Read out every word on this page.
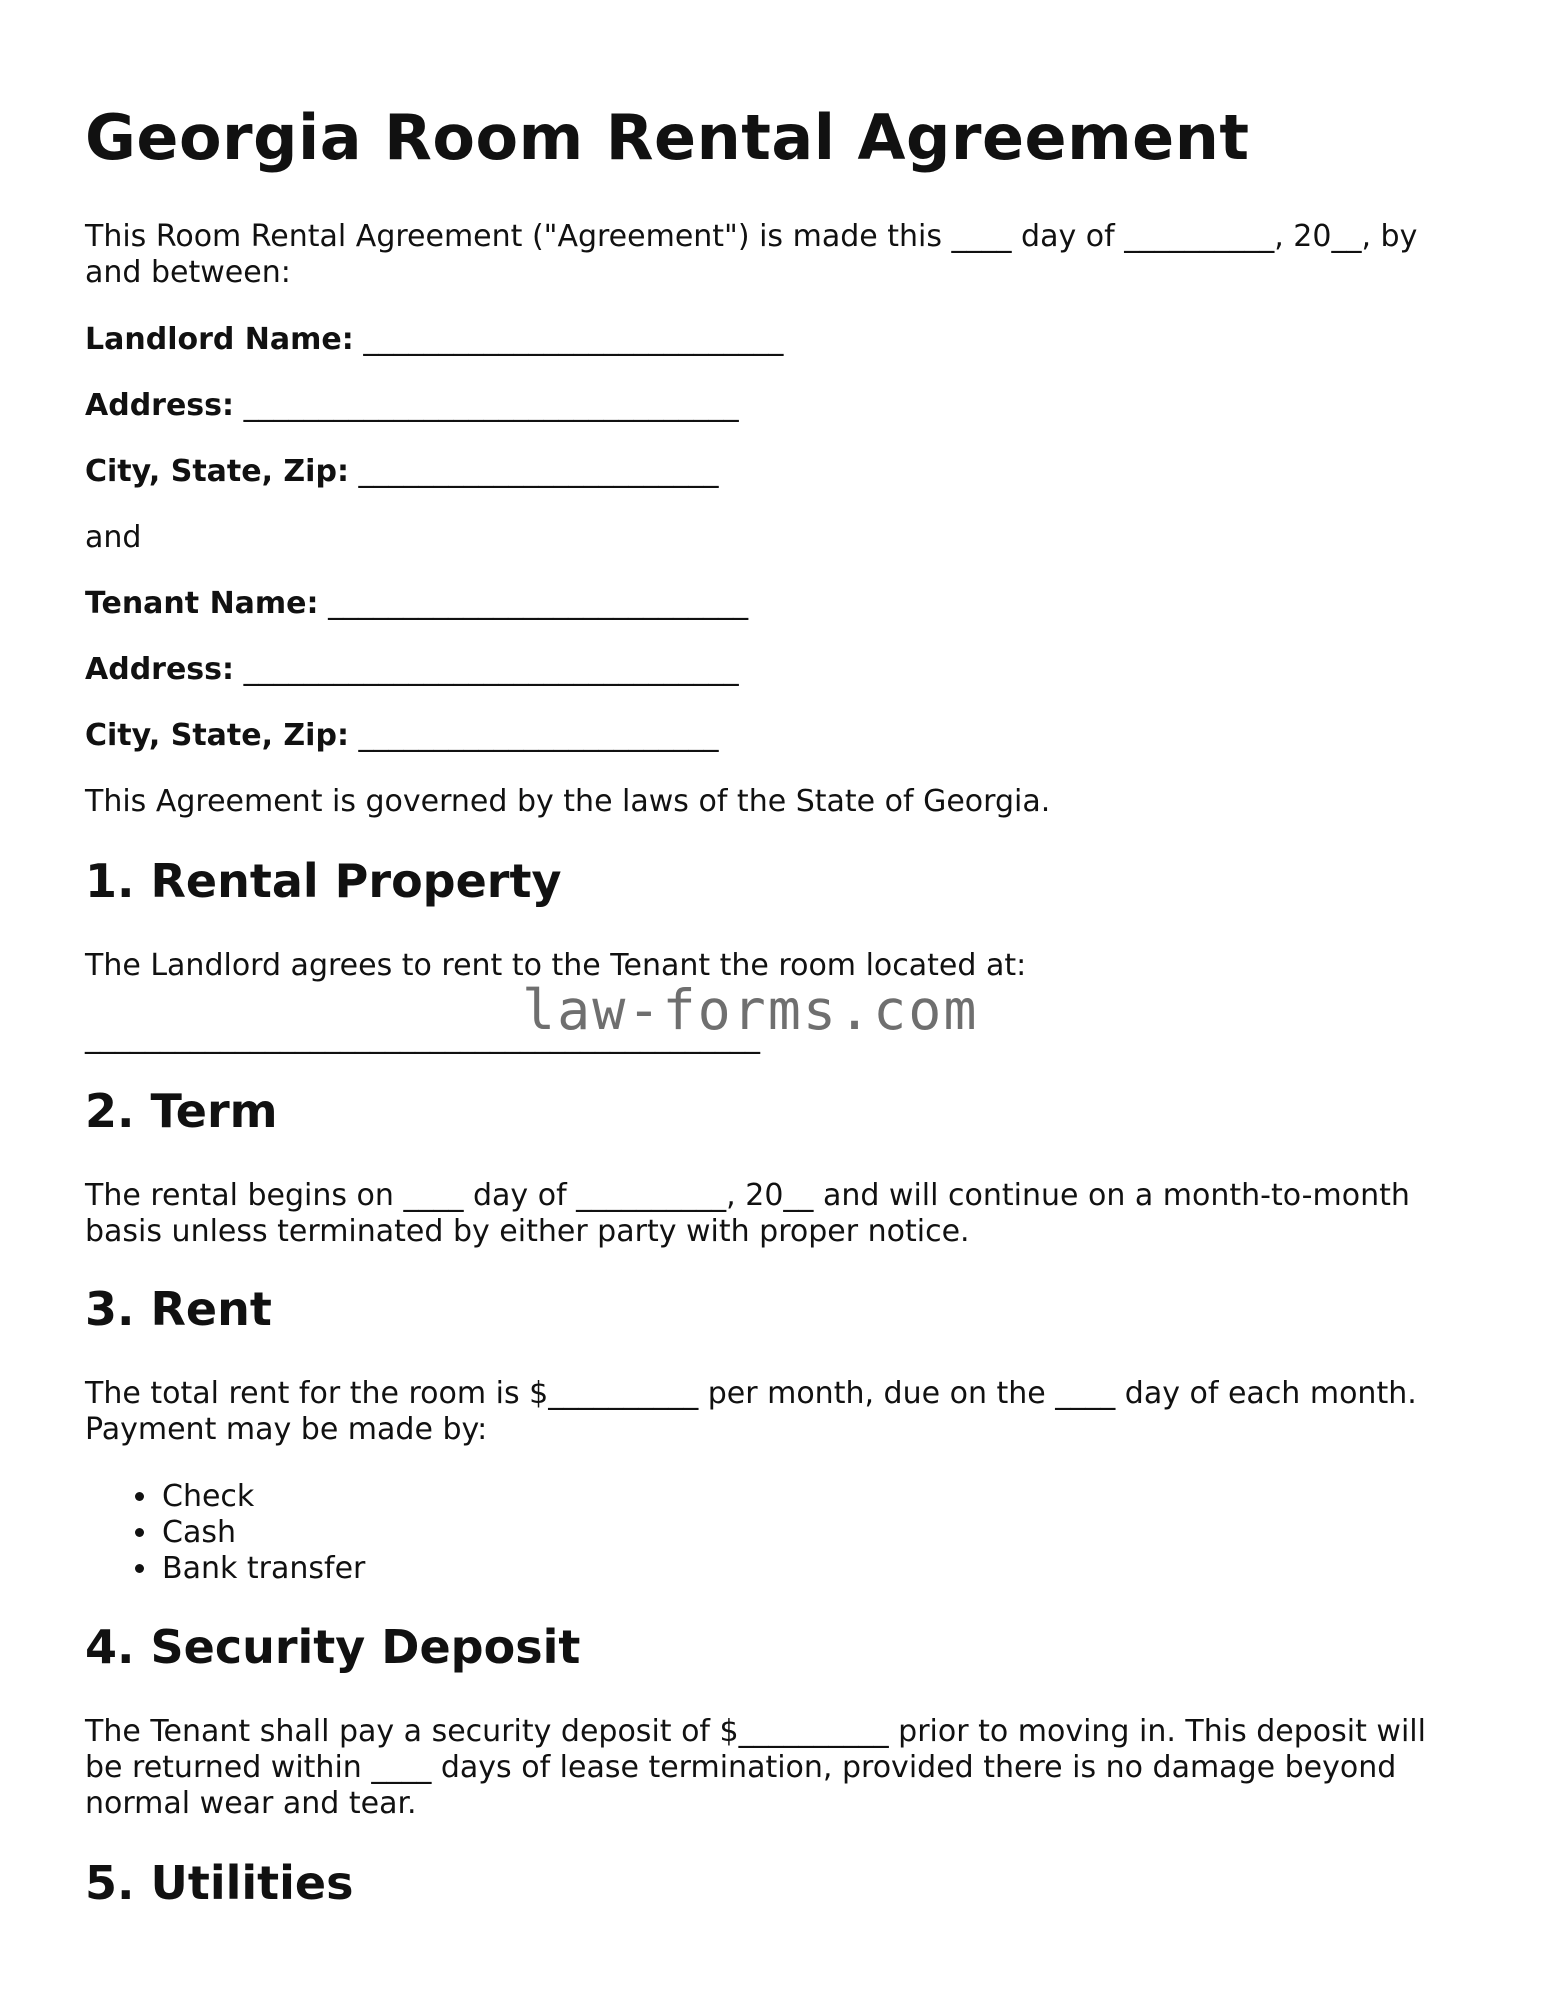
Georgia Room Rental Agreement

This Room Rental Agreement ("Agreement") is made this ____ day of __________, 20__, by and between:

Landlord Name: ____________________________
Address: _________________________________
City, State, Zip: ________________________

and

Tenant Name: ____________________________
Address: _________________________________
City, State, Zip: ________________________

This Agreement is governed by the laws of the State of Georgia.

1. Rental Property

The Landlord agrees to rent to the Tenant the room located at:

_____________________________________________

2. Term

The rental begins on ____ day of __________, 20__ and will continue on a month-to-month basis unless terminated by either party with proper notice.

3. Rent

The total rent for the room is $__________ per month, due on the ____ day of each month. Payment may be made by:

• Check
• Cash
• Bank transfer
4. Security Deposit

The Tenant shall pay a security deposit of $__________ prior to moving in. This deposit will be returned within ____ days of lease termination, provided there is no damage beyond normal wear and tear.

5. Utilities
law-forms.com
